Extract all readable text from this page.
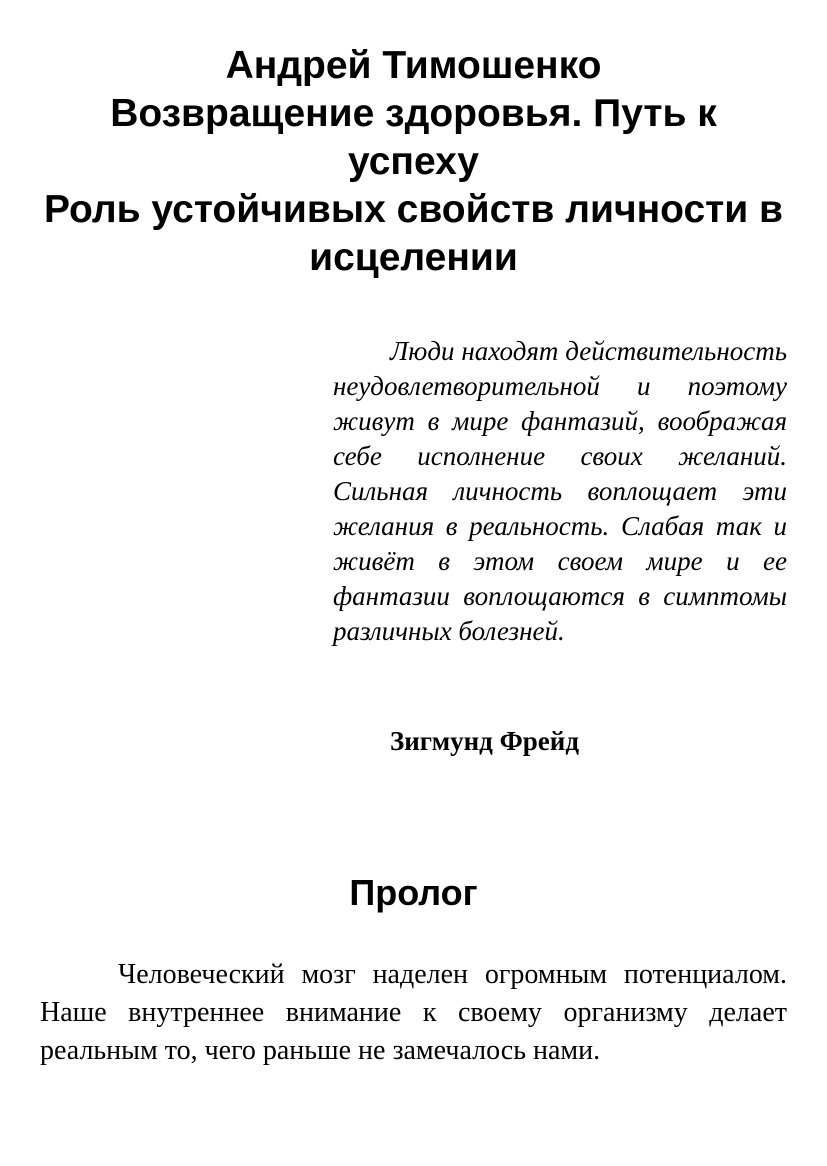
Андрей Тимошенко
Возвращение здоровья. Путь к успеху
Роль устойчивых свойств личности в исцелении
Люди находят действительность неудовлетворительной и поэтому живут в мире фантазий, воображая себе исполнение своих желаний. Сильная личность воплощает эти желания в реальность. Слабая так и живёт в этом своем мире и ее фантазии воплощаются в симптомы различных болезней.
Зигмунд Фрейд
Пролог
Человеческий мозг наделен огромным потенциалом. Наше внутреннее внимание к своему организму делает реальным то, чего раньше не замечалось нами.
